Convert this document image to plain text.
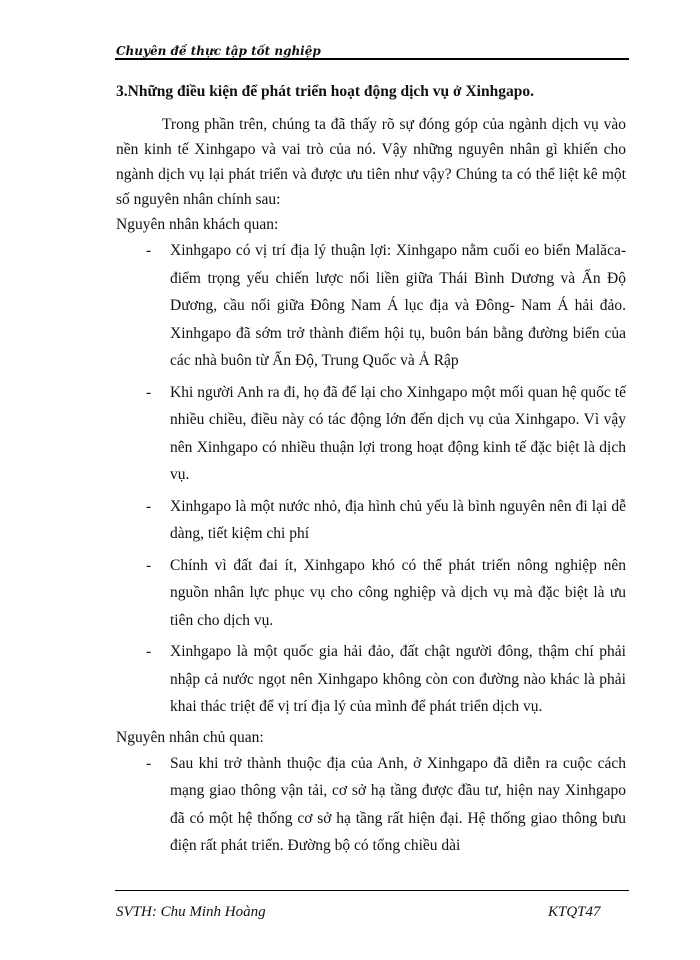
Chuyên đề thực tập tốt nghiệp
3.Những điều kiện để phát triển hoạt động dịch vụ ở Xinhgapo.

Trong phần trên, chúng ta đã thấy rõ sự đóng góp của ngành dịch vụ vào nền kinh tế Xinhgapo và vai trò của nó. Vậy những nguyên nhân gì khiến cho ngành dịch vụ lại phát triển và được ưu tiên như vậy? Chúng ta có thể liệt kê một số nguyên nhân chính sau:

Nguyên nhân khách quan:

- Xinhgapo có vị trí địa lý thuận lợi: Xinhgapo nằm cuối eo biển Malăca- điểm trọng yếu chiến lược nối liền giữa Thái Bình Dương và Ấn Độ Dương, cầu nối giữa Đông Nam Á lục địa và Đông- Nam Á hải đảo. Xinhgapo đã sớm trở thành điểm hội tụ, buôn bán bằng đường biển của các nhà buôn từ Ấn Độ, Trung Quốc và Ả Rập
- Khi người Anh ra đi, họ đã để lại cho Xinhgapo một mối quan hệ quốc tế nhiều chiều, điều này có tác động lớn đến dịch vụ của Xinhgapo. Vì vậy nên Xinhgapo có nhiều thuận lợi trong hoạt động kinh tế đặc biệt là dịch vụ.
- Xinhgapo là một nước nhỏ, địa hình chủ yếu là bình nguyên nên đi lại dễ dàng, tiết kiệm chi phí
- Chính vì đất đai ít, Xinhgapo khó có thể phát triển nông nghiệp nên nguồn nhân lực phục vụ cho công nghiệp và dịch vụ mà đặc biệt là ưu tiên cho dịch vụ.
- Xinhgapo là một quốc gia hải đảo, đất chật người đông, thậm chí phải nhập cả nước ngọt nên Xinhgapo không còn con đường nào khác là phải khai thác triệt để vị trí địa lý của mình để phát triển dịch vụ.

Nguyên nhân chủ quan:

- Sau khi trở thành thuộc địa của Anh, ở Xinhgapo đã diễn ra cuộc cách mạng giao thông vận tải, cơ sở hạ tầng được đầu tư, hiện nay Xinhgapo đã có một hệ thống cơ sở hạ tầng rất hiện đại. Hệ thống giao thông bưu điện rất phát triển. Đường bộ có tổng chiều dài
SVTH: Chu Minh Hoàng	KTQT47
